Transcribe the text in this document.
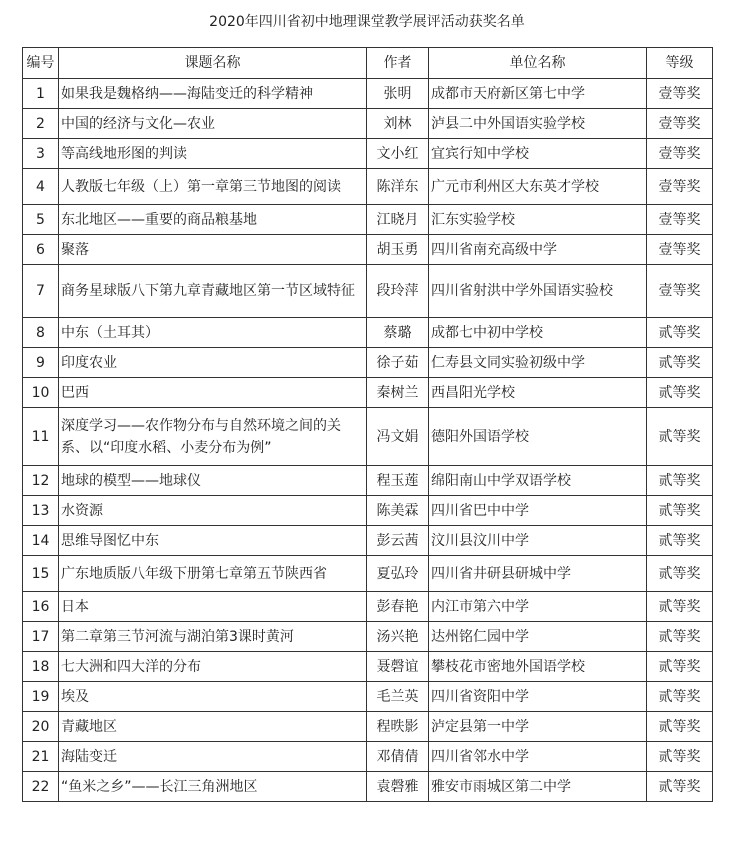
2020年四川省初中地理课堂教学展评活动获奖名单
编号	课题名称	作者	单位名称	等级
1	如果我是魏格纳——海陆变迁的科学精神	张明	成都市天府新区第七中学	壹等奖
2	中国的经济与文化—农业	刘林	泸县二中外国语实验学校	壹等奖
3	等高线地形图的判读	文小红	宜宾行知中学校	壹等奖
4	人教版七年级（上）第一章第三节地图的阅读	陈洋东	广元市利州区大东英才学校	壹等奖
5	东北地区——重要的商品粮基地	江晓月	汇东实验学校	壹等奖
6	聚落	胡玉勇	四川省南充高级中学	壹等奖
7	商务星球版八下第九章青藏地区第一节区域特征	段玲萍	四川省射洪中学外国语实验校	壹等奖
8	中东（土耳其）	蔡璐	成都七中初中学校	贰等奖
9	印度农业	徐子茹	仁寿县文同实验初级中学	贰等奖
10	巴西	秦树兰	西昌阳光学校	贰等奖
11	深度学习——农作物分布与自然环境之间的关系、以“印度水稻、小麦分布为例”	冯文娟	德阳外国语学校	贰等奖
12	地球的模型——地球仪	程玉莲	绵阳南山中学双语学校	贰等奖
13	水资源	陈美霖	四川省巴中中学	贰等奖
14	思维导图忆中东	彭云茜	汶川县汶川中学	贰等奖
15	广东地质版八年级下册第七章第五节陕西省	夏弘玲	四川省井研县研城中学	贰等奖
16	日本	彭春艳	内江市第六中学	贰等奖
17	第二章第三节河流与湖泊第3课时黄河	汤兴艳	达州铭仁园中学	贰等奖
18	七大洲和四大洋的分布	聂磬谊	攀枝花市密地外国语学校	贰等奖
19	埃及	毛兰英	四川省资阳中学	贰等奖
20	青藏地区	程昳影	泸定县第一中学	贰等奖
21	海陆变迁	邓倩倩	四川省邻水中学	贰等奖
22	“鱼米之乡”——长江三角洲地区	袁磬雅	雅安市雨城区第二中学	贰等奖
